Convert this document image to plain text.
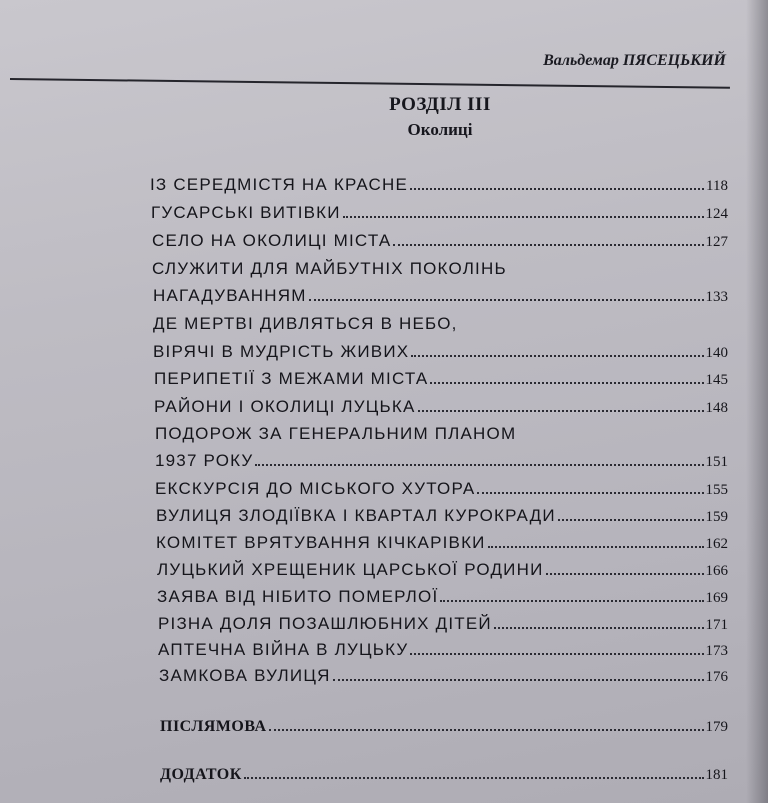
Вальдемар ПЯСЕЦЬКИЙ
РОЗДІЛ ІІІ
Околиці
ІЗ СЕРЕДМІСТЯ НА КРАСНЕ	118
ГУСАРСЬКІ ВИТІВКИ	124
СЕЛО НА ОКОЛИЦІ МІСТА	127
СЛУЖИТИ ДЛЯ МАЙБУТНІХ ПОКОЛІНЬ
НАГАДУВАННЯМ	133
ДЕ МЕРТВІ ДИВЛЯТЬСЯ В НЕБО,
ВІРЯЧІ В МУДРІСТЬ ЖИВИХ	140
ПЕРИПЕТІЇ З МЕЖАМИ МІСТА	145
РАЙОНИ І ОКОЛИЦІ ЛУЦЬКА	148
ПОДОРОЖ ЗА ГЕНЕРАЛЬНИМ ПЛАНОМ
1937 РОКУ	151
ЕКСКУРСІЯ ДО МІСЬКОГО ХУТОРА	155
ВУЛИЦЯ ЗЛОДІЇВКА І КВАРТАЛ КУРОКРАДИ	159
КОМІТЕТ ВРЯТУВАННЯ КІЧКАРІВКИ	162
ЛУЦЬКИЙ ХРЕЩЕНИК ЦАРСЬКОЇ РОДИНИ	166
ЗАЯВА ВІД НІБИТО ПОМЕРЛОЇ	169
РІЗНА ДОЛЯ ПОЗАШЛЮБНИХ ДІТЕЙ	171
АПТЕЧНА ВІЙНА В ЛУЦЬКУ	173
ЗАМКОВА ВУЛИЦЯ	176
ПІСЛЯМОВА	179
ДОДАТОК	181
